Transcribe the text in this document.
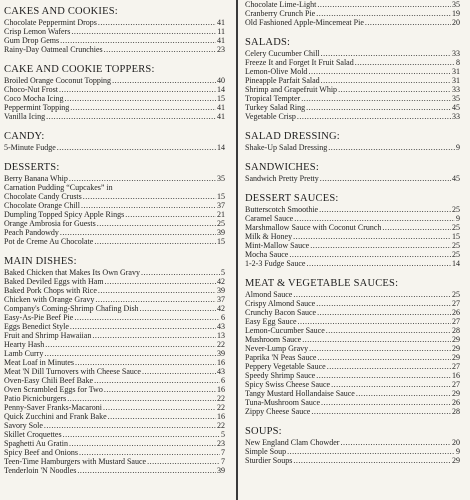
CAKES AND COOKIES:
Chocolate Peppermint Drops .....	41
Crisp Lemon Wafers .....	11
Gum Drop Gems .....	41
Rainy-Day Oatmeal Crunchies .....	23
CAKE AND COOKIE TOPPERS:
Broiled Orange Coconut Topping .....	40
Choco-Nut Frost .....	14
Coco Mocha Icing .....	15
Peppermint Topping .....	41
Vanilla Icing .....	41
CANDY:
5-Minute Fudge .....	14
DESSERTS:
Berry Banana Whip .....	35
Carnation Pudding “Cupcakes” in
Chocolate Candy Crusts .....	15
Chocolate Orange Chill .....	37
Dumpling Topped Spicy Apple Rings .....	21
Orange Ambrosia for Guests .....	25
Peach Pandowdy .....	39
Pot de Creme Au Chocolate .....	15
MAIN DISHES:
Baked Chicken that Makes Its Own Gravy .....	5
Baked Deviled Eggs with Ham .....	42
Baked Pork Chops with Rice .....	39
Chicken with Orange Gravy .....	37
Company's Coming-Shrimp Chafing Dish .....	42
Easy-As-Pie Beef Pie .....	6
Eggs Benedict Style .....	43
Fruit and Shrimp Hawaiian .....	13
Hearty Hash .....	22
Lamb Curry .....	39
Meat Loaf in Minutes .....	16
Meat 'N Dill Turnovers with Cheese Sauce .....	43
Oven-Easy Chili Beef Bake .....	6
Oven Scrambled Eggs for Two .....	16
Patio Picnicburgers .....	22
Penny-Saver Franks-Macaroni .....	22
Quick Zucchini and Frank Bake .....	16
Savory Sole .....	22
Skillet Croquettes .....	5
Spaghetti Au Gratin .....	23
Spicy Beef and Onions .....	7
Teen-Time Hamburgers with Mustard Sauce .....	7
Tenderloin 'N Noodles .....	39
Chocolate Lime-Light .....	35
Cranberry Crunch Pie .....	19
Old Fashioned Apple-Mincemeat Pie .....	20
SALADS:
Celery Cucumber Chill .....	33
Freeze It and Forget It Fruit Salad .....	8
Lemon-Olive Mold .....	31
Pineapple Parfait Salad .....	31
Shrimp and Grapefruit Whip .....	33
Tropical Tempter .....	35
Turkey Salad Ring .....	45
Vegetable Crisp .....	33
SALAD DRESSING:
Shake-Up Salad Dressing .....	9
SANDWICHES:
Sandwich Pretty Pretty .....	45
DESSERT SAUCES:
Butterscotch Smoothie .....	25
Caramel Sauce .....	9
Marshmallow Sauce with Coconut Crunch .....	25
Milk & Honey .....	15
Mint-Mallow Sauce .....	25
Mocha Sauce .....	25
1-2-3 Fudge Sauce .....	14
MEAT & VEGETABLE SAUCES:
Almond Sauce .....	25
Crispy Almond Sauce .....	27
Crunchy Bacon Sauce .....	26
Easy Egg Sauce .....	27
Lemon-Cucumber Sauce .....	28
Mushroom Sauce .....	29
Never-Lump Gravy .....	29
Paprika 'N Peas Sauce .....	29
Peppery Vegetable Sauce .....	27
Speedy Shrimp Sauce .....	16
Spicy Swiss Cheese Sauce .....	27
Tangy Mustard Hollandaise Sauce .....	29
Tuna-Mushroom Sauce .....	26
Zippy Cheese Sauce .....	28
SOUPS:
New England Clam Chowder .....	20
Simple Soup .....	9
Sturdier Soups .....	29
